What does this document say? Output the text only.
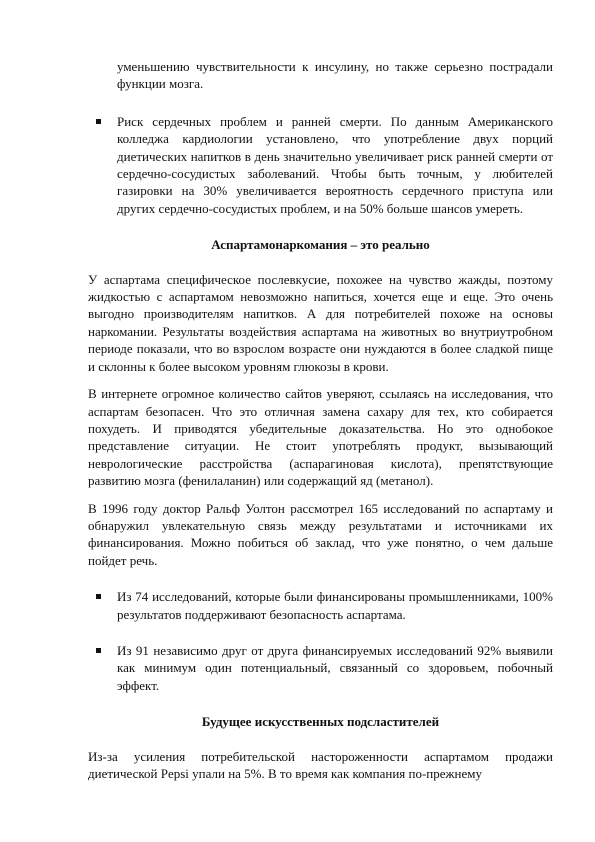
уменьшению чувствительности к инсулину, но также серьезно пострадали функции мозга.

Риск сердечных проблем и ранней смерти. По данным Американского колледжа кардиологии установлено, что употребление двух порций диетических напитков в день значительно увеличивает риск ранней смерти от сердечно-сосудистых заболеваний. Чтобы быть точным, у любителей газировки на 30% увеличивается вероятность сердечного приступа или других сердечно-сосудистых проблем, и на 50% больше шансов умереть.

Аспартамонаркомания – это реально

У аспартама специфическое послевкусие, похожее на чувство жажды, поэтому жидкостью с аспартамом невозможно напиться, хочется еще и еще. Это очень выгодно производителям напитков. А для потребителей похоже на основы наркомании. Результаты воздействия аспартама на животных во внутриутробном периоде показали, что во взрослом возрасте они нуждаются в более сладкой пище и склонны к более высоком уровням глюкозы в крови.

В интернете огромное количество сайтов уверяют, ссылаясь на исследования, что аспартам безопасен. Что это отличная замена сахару для тех, кто собирается похудеть. И приводятся убедительные доказательства. Но это однобокое представление ситуации. Не стоит употреблять продукт, вызывающий неврологические расстройства (аспарагиновая кислота), препятствующие развитию мозга (фенилаланин) или содержащий яд (метанол).

В 1996 году доктор Ральф Уолтон рассмотрел 165 исследований по аспартаму и обнаружил увлекательную связь между результатами и источниками их финансирования. Можно побиться об заклад, что уже понятно, о чем дальше пойдет речь.

Из 74 исследований, которые были финансированы промышленниками, 100% результатов поддерживают безопасность аспартама.

Из 91 независимо друг от друга финансируемых исследований 92% выявили как минимум один потенциальный, связанный со здоровьем, побочный эффект.

Будущее искусственных подсластителей

Из-за усиления потребительской настороженности аспартамом продажи диетической Pepsi упали на 5%. В то время как компания по-прежнему
